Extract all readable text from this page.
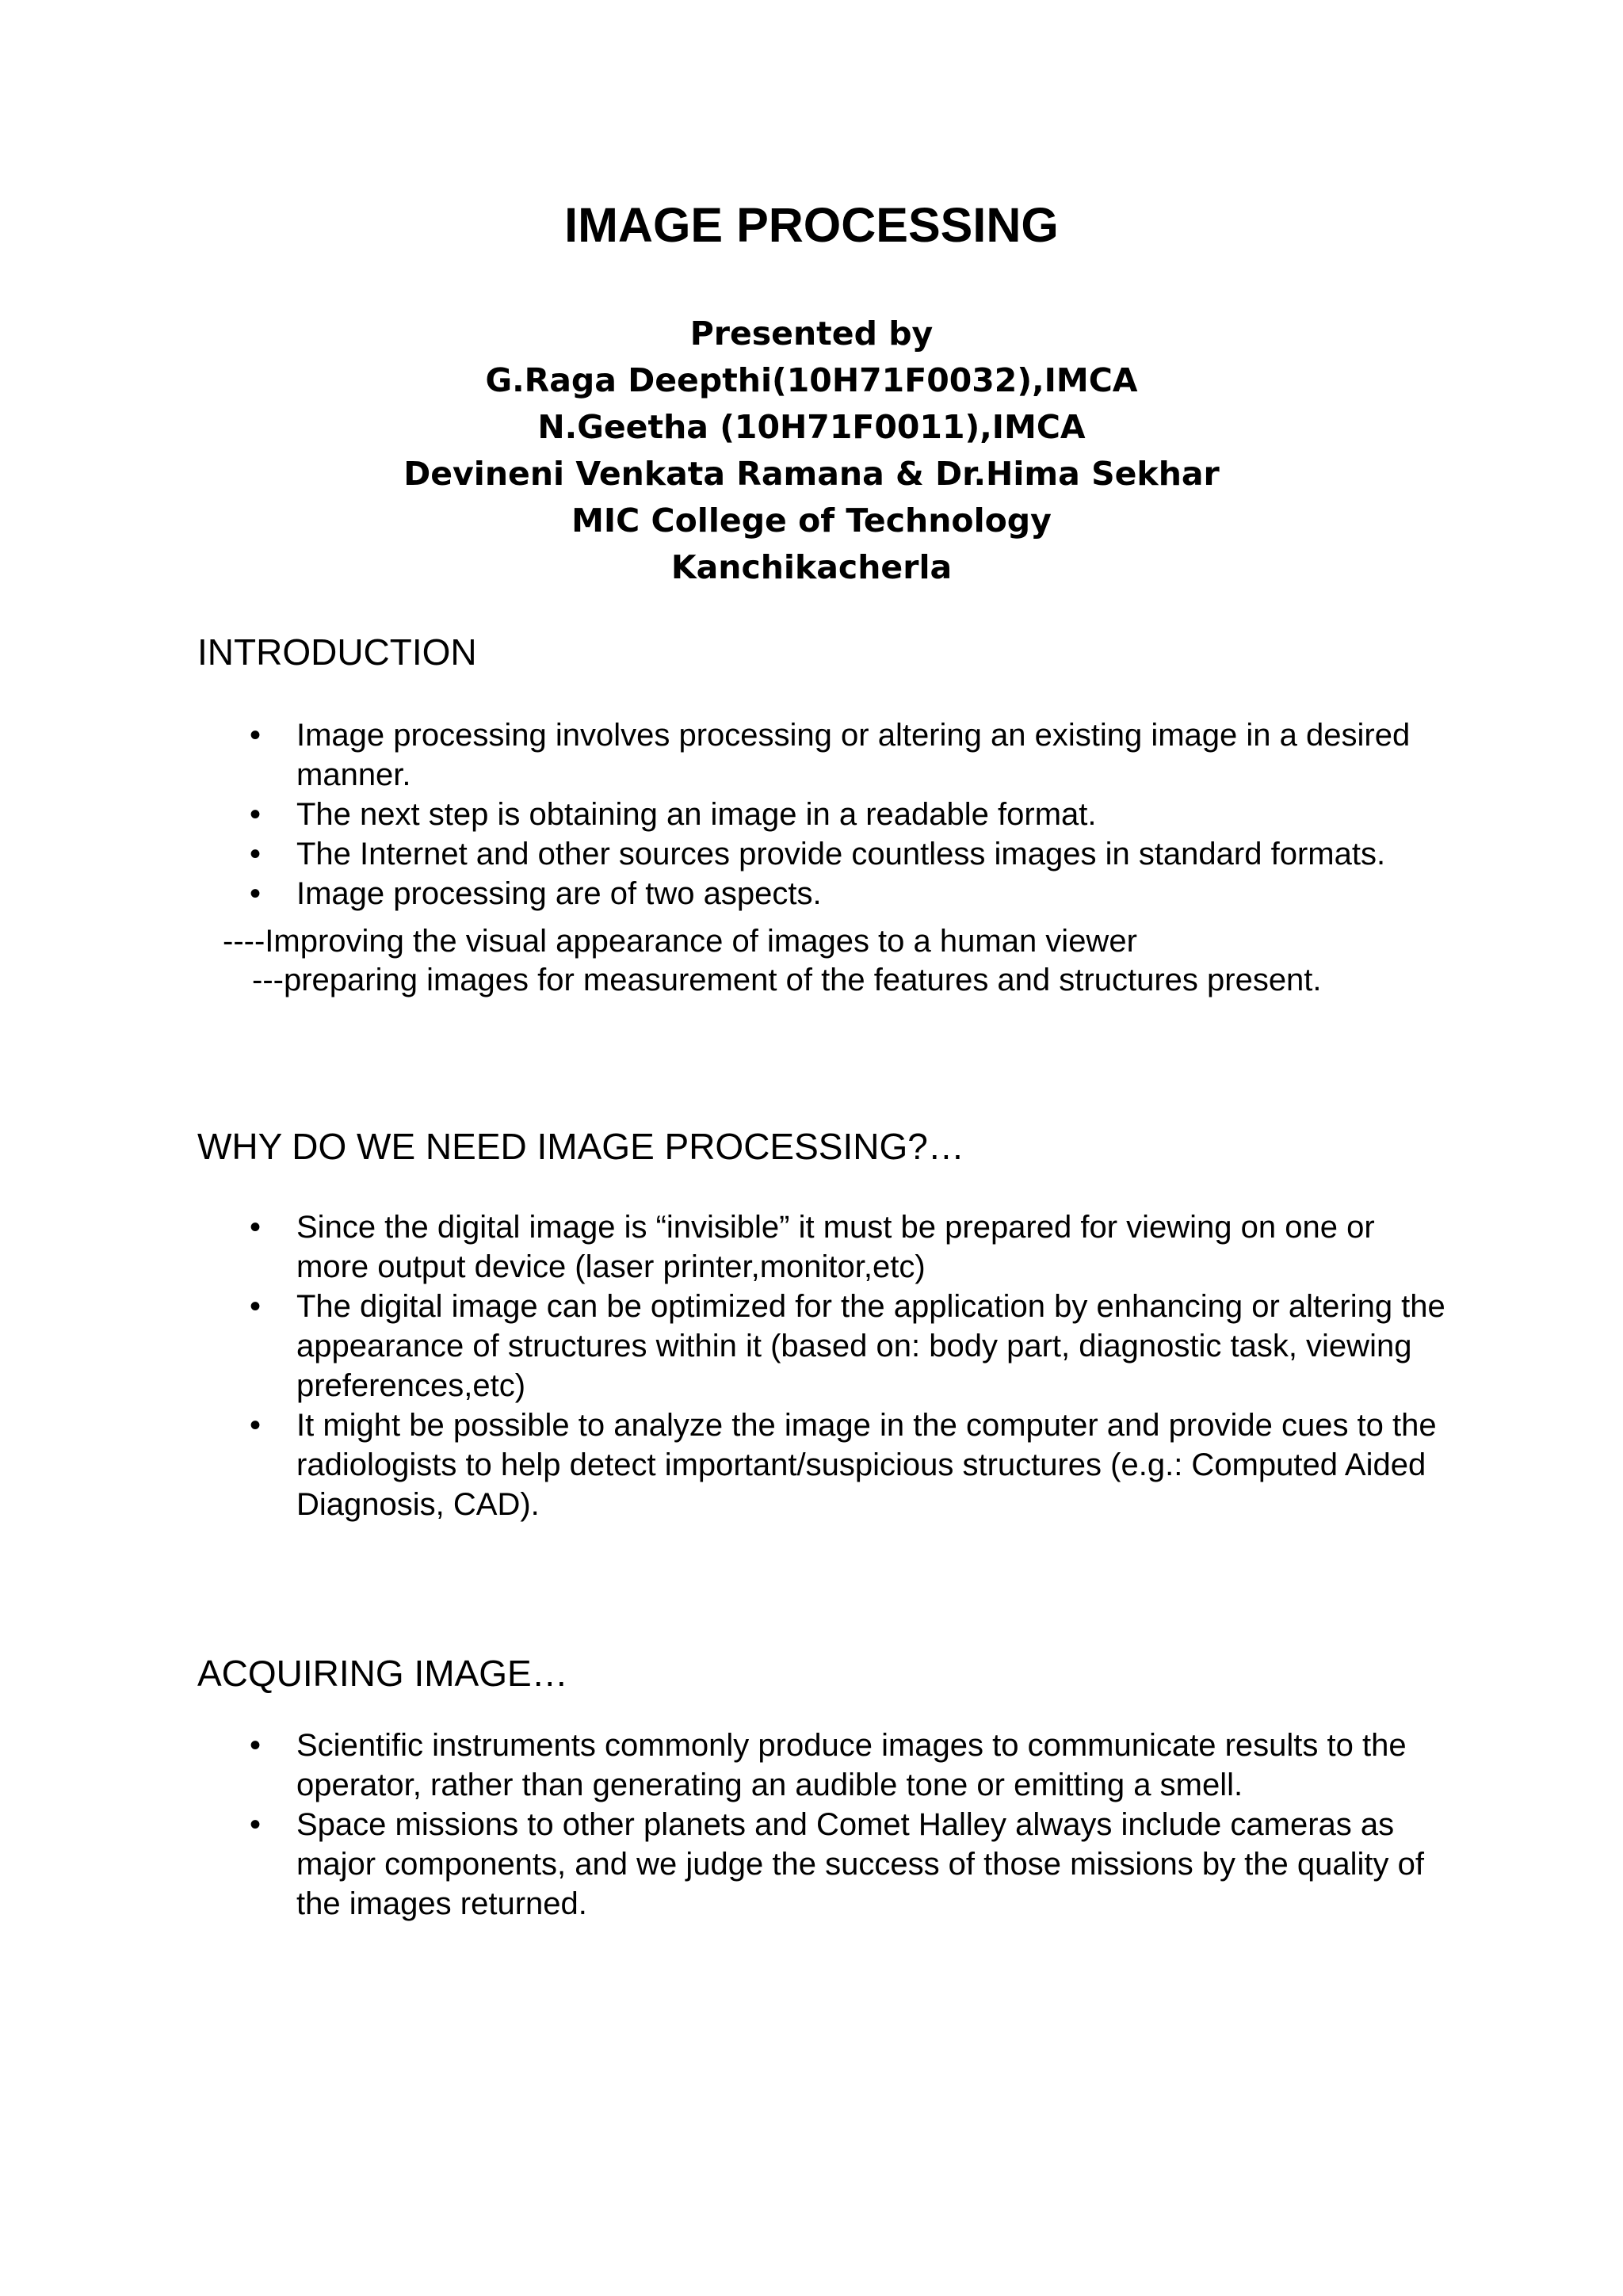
IMAGE PROCESSING
Presented by
G.Raga Deepthi(10H71F0032),IMCA
N.Geetha (10H71F0011),IMCA
Devineni Venkata Ramana & Dr.Hima Sekhar
MIC College of Technology
Kanchikacherla
INTRODUCTION
• Image processing involves processing or altering an existing image in a desired manner.
• The next step is obtaining an image in a readable format.
• The Internet and other sources provide countless images in standard formats.
• Image processing are of two aspects.
----Improving the visual appearance of images to a human viewer
---preparing images for measurement of the features and structures present.
WHY DO WE NEED IMAGE PROCESSING?…
• Since the digital image is “invisible” it must be prepared for viewing on one or more output device (laser printer,monitor,etc)
• The digital image can be optimized for the application by enhancing or altering the appearance of structures within it (based on: body part, diagnostic task, viewing preferences,etc)
• It might be possible to analyze the image in the computer and provide cues to the radiologists to help detect important/suspicious structures (e.g.: Computed Aided Diagnosis, CAD).
ACQUIRING IMAGE…
• Scientific instruments commonly produce images to communicate results to the operator, rather than generating an audible tone or emitting a smell.
• Space missions to other planets and Comet Halley always include cameras as major components, and we judge the success of those missions by the quality of the images returned.
